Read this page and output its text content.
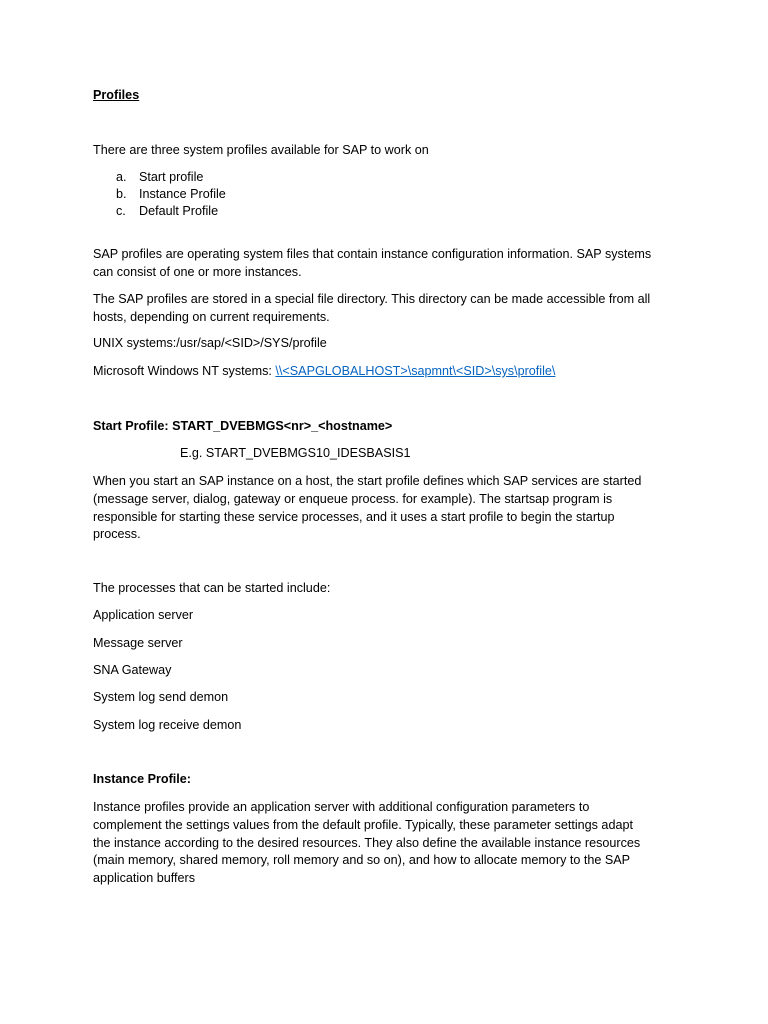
Profiles

There are three system profiles available for SAP to work on

a. Start profile
b. Instance Profile
c. Default Profile
SAP profiles are operating system files that contain instance configuration information. SAP systems
can consist of one or more instances.
The SAP profiles are stored in a special file directory. This directory can be made accessible from all
hosts, depending on current requirements.

UNIX systems:/usr/sap/<SID>/SYS/profile

Microsoft Windows NT systems: \\<SAPGLOBALHOST>\sapmnt\<SID>\sys\profile\

Start Profile: START_DVEBMGS<nr>_<hostname>

E.g. START_DVEBMGS10_IDESBASIS1

When you start an SAP instance on a host, the start profile defines which SAP services are started
(message server, dialog, gateway or enqueue process. for example). The startsap program is
responsible for starting these service processes, and it uses a start profile to begin the startup
process.

The processes that can be started include:

Application server

Message server

SNA Gateway

System log send demon

System log receive demon

Instance Profile:

Instance profiles provide an application server with additional configuration parameters to
complement the settings values from the default profile. Typically, these parameter settings adapt
the instance according to the desired resources. They also define the available instance resources
(main memory, shared memory, roll memory and so on), and how to allocate memory to the SAP
application buffers
